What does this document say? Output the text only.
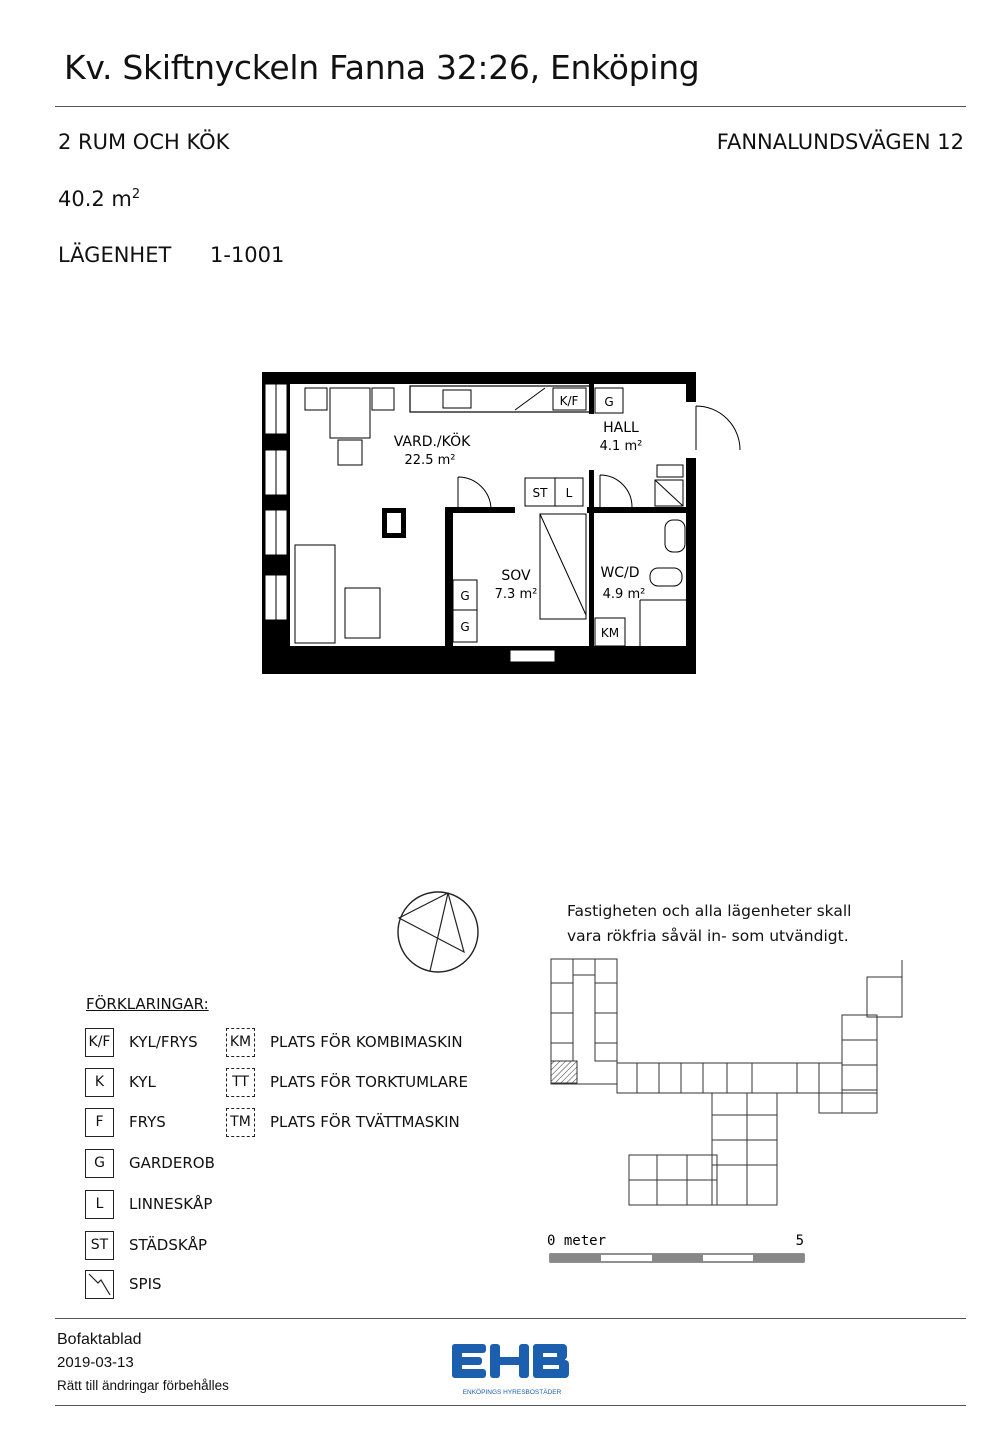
Kv. Skiftnyckeln Fanna 32:26, Enköping
2 RUM OCH KÖK	FANNALUNDSVÄGEN 12
40.2 $m^2$
LÄGENHET 1-1001
K/F G
ST L
G
G	KM
VARD./KÖK
22.5 m²
HALL
4.1 m²
SOV
7.3 m²
WC/D
4.9 m²
Fastigheten och alla lägenheter skall vara rökfria såväl in- som utvändigt.
FÖRKLARINGAR:
K/F KYL/FRYS
K	KYL
F	FRYS
G	GARDEROB
L	LINNESKÅP
ST	STÄDSKÅP
SPIS
KM PLATS FÖR KOMBIMASKIN
TT	PLATS FÖR TORKTUMLARE
TM PLATS FÖR TVÄTTMASKIN
0 meter	5
Bofaktablad
2019-03-13
Rätt till ändringar förbehålles	ENKÖPINGS HYRESBOSTÄDER
